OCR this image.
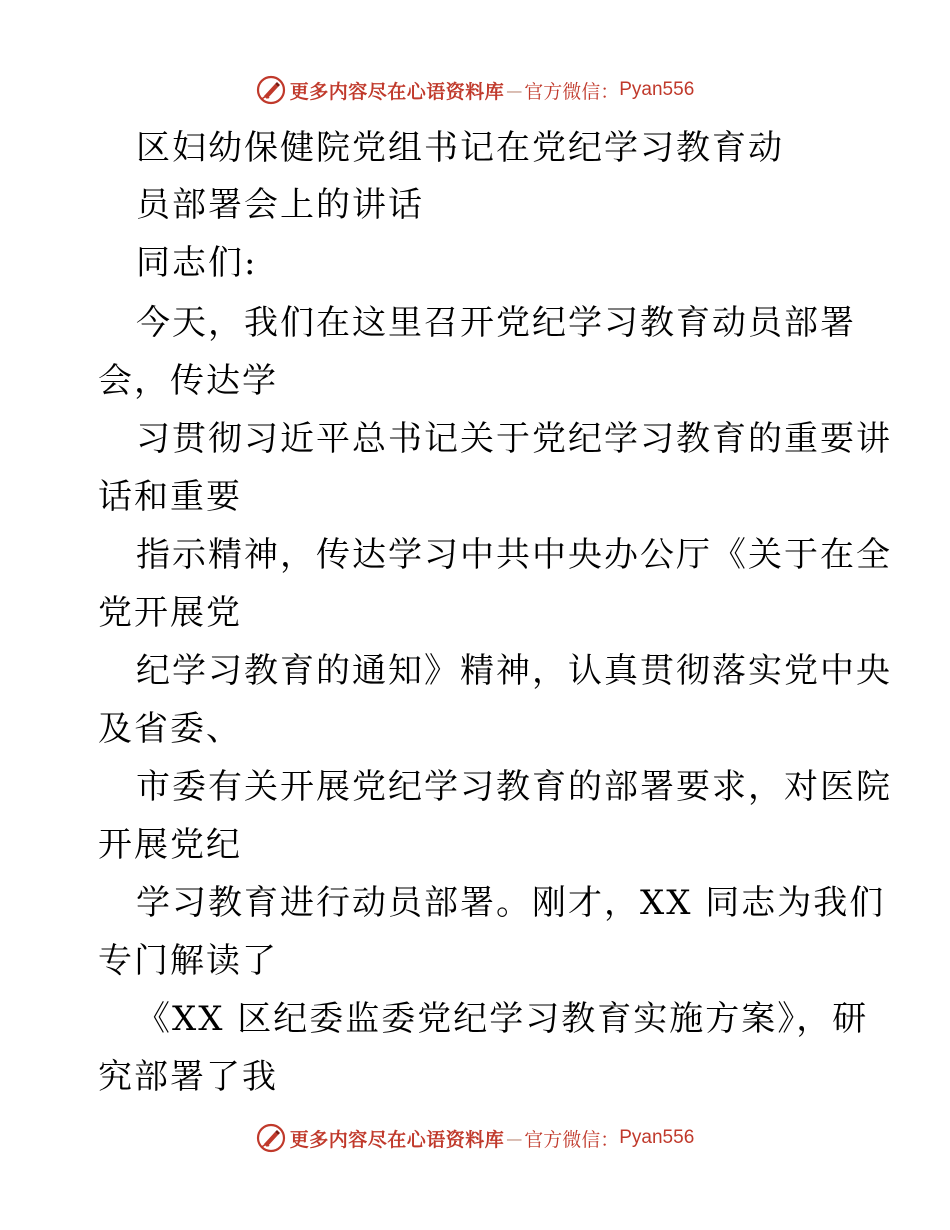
更多内容尽在心语资料库 — 官方微信： Pyan556
区妇幼保健院党组书记在党纪学习教育动
员部署会上的讲话
同志们:
今天，我们在这里召开党纪学习教育动员部署
会，传达学
习贯彻习近平总书记关于党纪学习教育的重要讲
话和重要
指示精神，传达学习中共中央办公厅《关于在全
党开展党
纪学习教育的通知》精神，认真贯彻落实党中央
及省委、
市委有关开展党纪学习教育的部署要求，对医院
开展党纪
学习教育进行动员部署。刚才，XX 同志为我们
专门解读了
《XX 区纪委监委党纪学习教育实施方案》，研
究部署了我
更多内容尽在心语资料库 — 官方微信： Pyan556
